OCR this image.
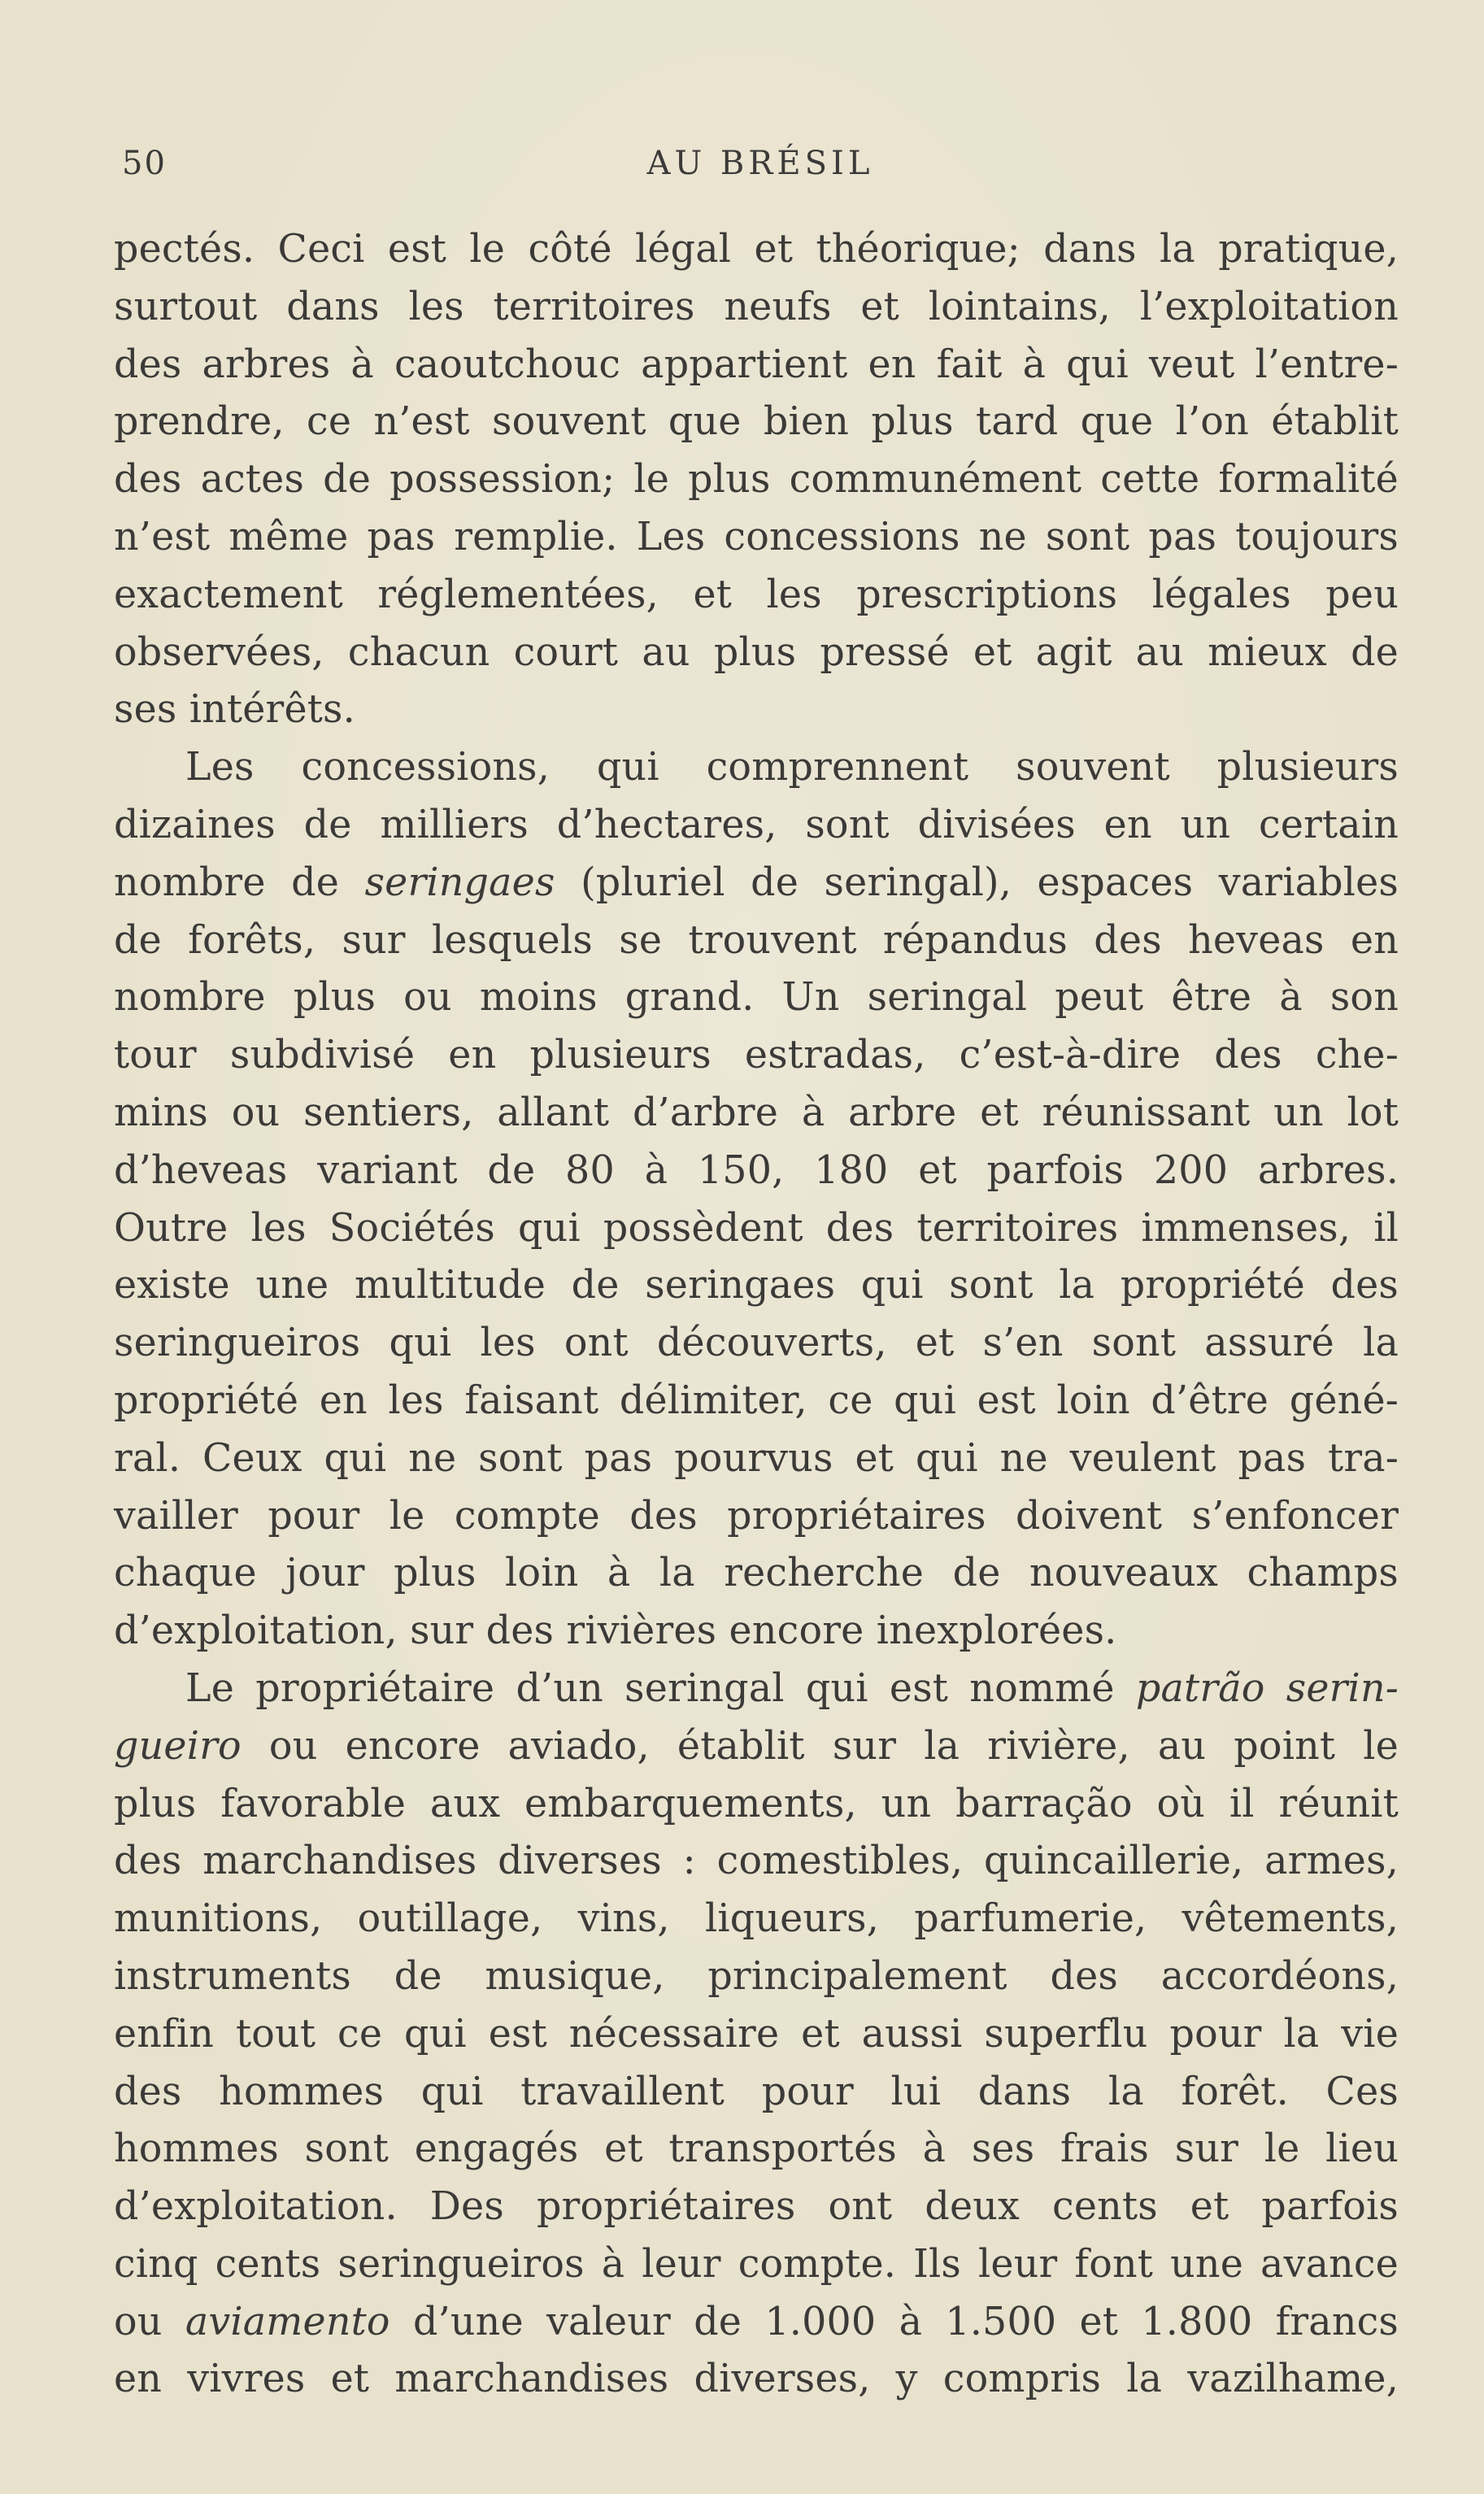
50	AU BRÉSIL
pectés. Ceci est le côté légal et théorique; dans la pratique,
surtout dans les territoires neufs et lointains, l’exploitation
des arbres à caoutchouc appartient en fait à qui veut l’entre-
prendre, ce n’est souvent que bien plus tard que l’on établit
des actes de possession; le plus communément cette formalité
n’est même pas remplie. Les concessions ne sont pas toujours
exactement réglementées, et les prescriptions légales peu
observées, chacun court au plus pressé et agit au mieux de
ses intérêts.
Les concessions, qui comprennent souvent plusieurs
dizaines de milliers d’hectares, sont divisées en un certain
nombre de seringaes (pluriel de seringal), espaces variables
de forêts, sur lesquels se trouvent répandus des heveas en
nombre plus ou moins grand. Un seringal peut être à son
tour subdivisé en plusieurs estradas, c’est-à-dire des che-
mins ou sentiers, allant d’arbre à arbre et réunissant un lot
d’heveas variant de 80 à 150, 180 et parfois 200 arbres.
Outre les Sociétés qui possèdent des territoires immenses, il
existe une multitude de seringaes qui sont la propriété des
seringueiros qui les ont découverts, et s’en sont assuré la
propriété en les faisant délimiter, ce qui est loin d’être géné-
ral. Ceux qui ne sont pas pourvus et qui ne veulent pas tra-
vailler pour le compte des propriétaires doivent s’enfoncer
chaque jour plus loin à la recherche de nouveaux champs
d’exploitation, sur des rivières encore inexplorées.
Le propriétaire d’un seringal qui est nommé patrão serin-
gueiro ou encore aviado, établit sur la rivière, au point le
plus favorable aux embarquements, un barração où il réunit
des marchandises diverses : comestibles, quincaillerie, armes,
munitions, outillage, vins, liqueurs, parfumerie, vêtements,
instruments de musique, principalement des accordéons,
enfin tout ce qui est nécessaire et aussi superflu pour la vie
des hommes qui travaillent pour lui dans la forêt. Ces
hommes sont engagés et transportés à ses frais sur le lieu
d’exploitation. Des propriétaires ont deux cents et parfois
cinq cents seringueiros à leur compte. Ils leur font une avance
ou aviamento d’une valeur de 1.000 à 1.500 et 1.800 francs
en vivres et marchandises diverses, y compris la vazilhame,
